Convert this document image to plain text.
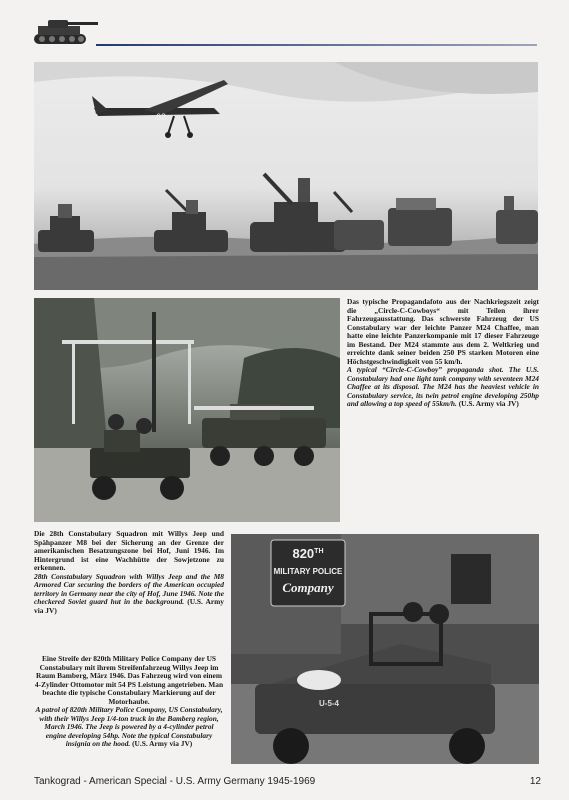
62

Das typische Propagandafoto aus der Nachkriegszeit zeigt die „Circle-C-Cowboys“ mit Teilen ihrer Fahrzeugausstattung. Das schwerste Fahrzeug der US Constabulary war der leichte Panzer M24 Chaffee, man hatte eine leichte Panzerkompanie mit 17 dieser Fahrzeuge im Bestand. Der M24 stammte aus dem 2. Weltkrieg und erreichte dank seiner beiden 250 PS starken Motoren eine Höchstgeschwindigkeit von 55 km/h.

A typical “Circle-C-Cowboy” propaganda shot. The U.S. Constabulary had one light tank company with seventeen M24 Chaffee at its disposal. The M24 has the heaviest vehicle in Constabulary service, its twin petrol engine developing 250hp and allowing a top speed of 55km/h. (U.S. Army via JV)

Die 28th Constabulary Squadron mit Willys Jeep und Spähpanzer M8 bei der Sicherung an der Grenze der amerikanischen Besatzungszone bei Hof, Juni 1946. Im Hintergrund ist eine Wachhütte der Sowjetzone zu erkennen.

28th Constabulary Squadron with Willys Jeep and the M8 Armored Car securing the borders of the American occupied territory in Germany near the city of Hof, June 1946. Note the checkered Soviet guard hut in the background. (U.S. Army via JV)

820TH
MILITARY POLICE
Company
U-5-4

Eine Streife der 820th Military Police Company der US Constabulary mit ihrem Streifenfahrzeug Willys Jeep im Raum Bamberg, März 1946. Das Fahrzeug wird von einem 4-Zylinder Ottomotor mit 54 PS Leistung angetrieben. Man beachte die typische Constabulary Markierung auf der Motorhaube.

A patrol of 820th Military Police Company, US Constabulary, with their Willys Jeep 1/4-ton truck in the Bamberg region, March 1946. The Jeep is powered by a 4-cylinder petrol engine developing 54hp. Note the typical Constabulary insignia on the hood. (U.S. Army via JV)

Tankograd - American Special - U.S. Army Germany 1945-1969	12
